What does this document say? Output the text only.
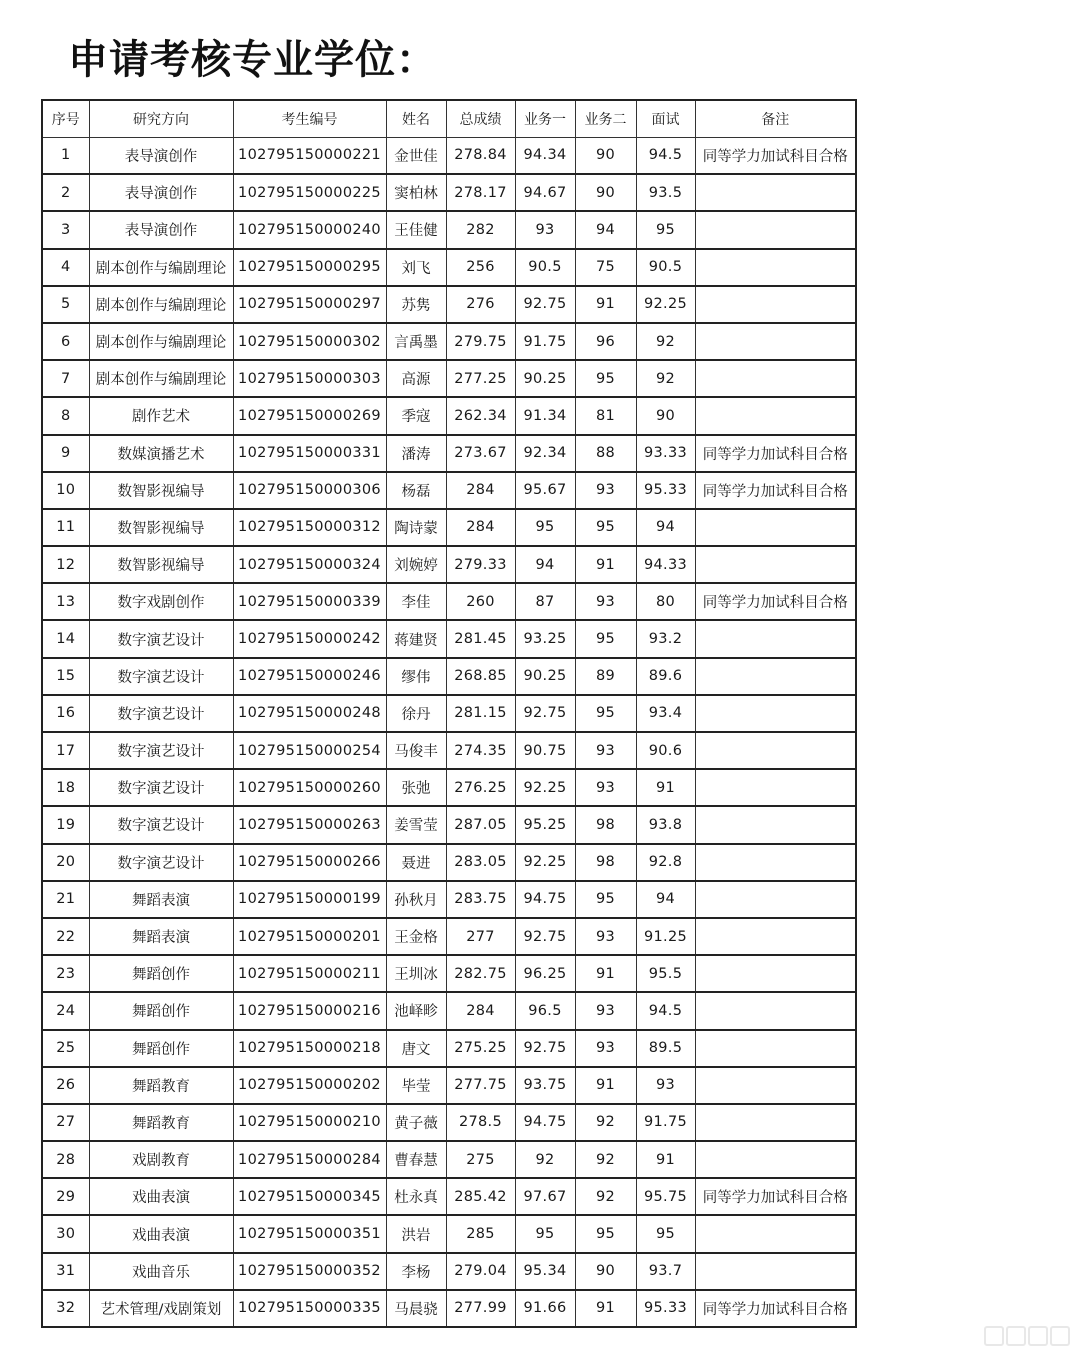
申请考核专业学位：
序号	研究方向	考生编号	姓名	总成绩	业务一	业务二	面试	备注
1	表导演创作	102795150000221	金世佳	278.84	94.34	90	94.5	同等学力加试科目合格
2	表导演创作	102795150000225	窦柏林	278.17	94.67	90	93.5	
3	表导演创作	102795150000240	王佳健	282	93	94	95	
4	剧本创作与编剧理论	102795150000295	刘飞	256	90.5	75	90.5	
5	剧本创作与编剧理论	102795150000297	苏隽	276	92.75	91	92.25	
6	剧本创作与编剧理论	102795150000302	言禹墨	279.75	91.75	96	92	
7	剧本创作与编剧理论	102795150000303	高源	277.25	90.25	95	92	
8	剧作艺术	102795150000269	季寇	262.34	91.34	81	90	
9	数媒演播艺术	102795150000331	潘涛	273.67	92.34	88	93.33	同等学力加试科目合格
10	数智影视编导	102795150000306	杨磊	284	95.67	93	95.33	同等学力加试科目合格
11	数智影视编导	102795150000312	陶诗蒙	284	95	95	94	
12	数智影视编导	102795150000324	刘婉婷	279.33	94	91	94.33	
13	数字戏剧创作	102795150000339	李佳	260	87	93	80	同等学力加试科目合格
14	数字演艺设计	102795150000242	蒋建贤	281.45	93.25	95	93.2	
15	数字演艺设计	102795150000246	缪伟	268.85	90.25	89	89.6	
16	数字演艺设计	102795150000248	徐丹	281.15	92.75	95	93.4	
17	数字演艺设计	102795150000254	马俊丰	274.35	90.75	93	90.6	
18	数字演艺设计	102795150000260	张弛	276.25	92.25	93	91	
19	数字演艺设计	102795150000263	姜雪莹	287.05	95.25	98	93.8	
20	数字演艺设计	102795150000266	聂进	283.05	92.25	98	92.8	
21	舞蹈表演	102795150000199	孙秋月	283.75	94.75	95	94	
22	舞蹈表演	102795150000201	王金格	277	92.75	93	91.25	
23	舞蹈创作	102795150000211	王圳冰	282.75	96.25	91	95.5	
24	舞蹈创作	102795150000216	池峄畛	284	96.5	93	94.5	
25	舞蹈创作	102795150000218	唐文	275.25	92.75	93	89.5	
26	舞蹈教育	102795150000202	毕莹	277.75	93.75	91	93	
27	舞蹈教育	102795150000210	黄子薇	278.5	94.75	92	91.75	
28	戏剧教育	102795150000284	曹春慧	275	92	92	91	
29	戏曲表演	102795150000345	杜永真	285.42	97.67	92	95.75	同等学力加试科目合格
30	戏曲表演	102795150000351	洪岩	285	95	95	95	
31	戏曲音乐	102795150000352	李杨	279.04	95.34	90	93.7	
32	艺术管理/戏剧策划	102795150000335	马晨骁	277.99	91.66	91	95.33	同等学力加试科目合格
